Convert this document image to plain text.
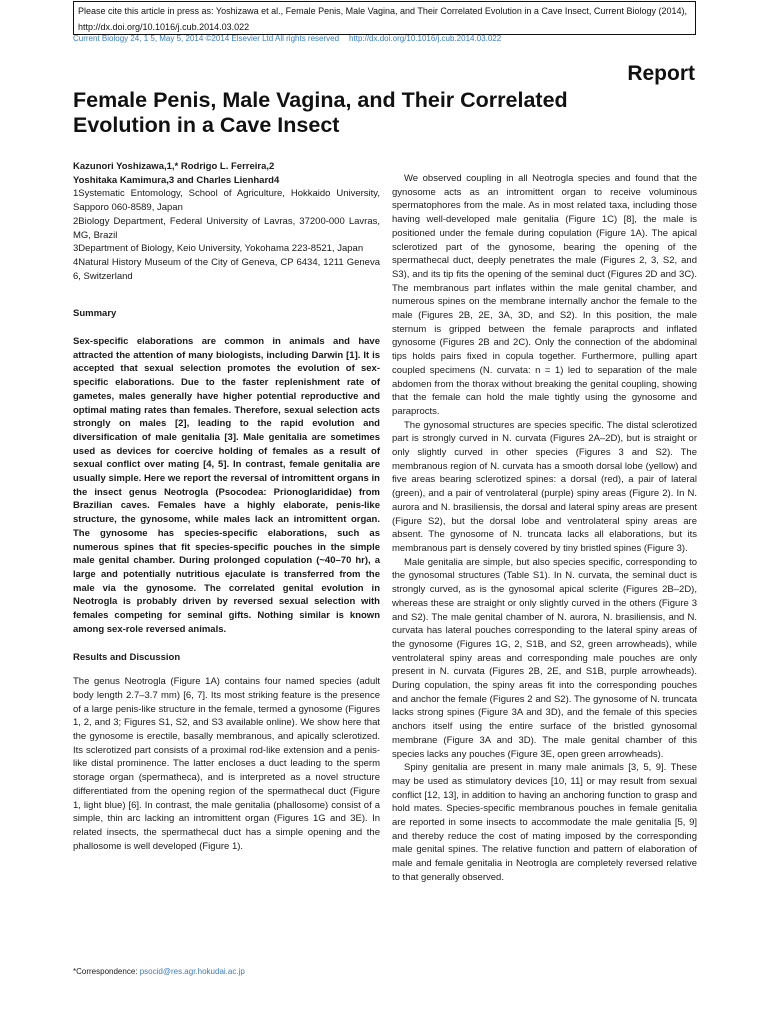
Please cite this article in press as: Yoshizawa et al., Female Penis, Male Vagina, and Their Correlated Evolution in a Cave Insect, Current Biology (2014), http://dx.doi.org/10.1016/j.cub.2014.03.022
Current Biology 24, 1 5, May 5, 2014 ©2014 Elsevier Ltd All rights reserved http://dx.doi.org/10.1016/j.cub.2014.03.022
Report
Female Penis, Male Vagina, and Their Correlated Evolution in a Cave Insect
Kazunori Yoshizawa,1,* Rodrigo L. Ferreira,2
Yoshitaka Kamimura,3 and Charles Lienhard4

1Systematic Entomology, School of Agriculture, Hokkaido University, Sapporo 060-8589, Japan

2Biology Department, Federal University of Lavras, 37200-000 Lavras, MG, Brazil

3Department of Biology, Keio University, Yokohama 223-8521, Japan

4Natural History Museum of the City of Geneva, CP 6434, 1211 Geneva 6, Switzerland

Summary

Sex-specific elaborations are common in animals and have attracted the attention of many biologists, including Darwin [1]. It is accepted that sexual selection promotes the evolution of sex-specific elaborations. Due to the faster replenishment rate of gametes, males generally have higher potential reproductive and optimal mating rates than females. Therefore, sexual selection acts strongly on males [2], leading to the rapid evolution and diversification of male genitalia [3]. Male genitalia are sometimes used as devices for coercive holding of females as a result of sexual conflict over mating [4, 5]. In contrast, female genitalia are usually simple. Here we report the reversal of intromittent organs in the insect genus Neotrogla (Psocodea: Prionoglarididae) from Brazilian caves. Females have a highly elaborate, penis-like structure, the gynosome, while males lack an intromittent organ. The gynosome has species-specific elaborations, such as numerous spines that fit species-specific pouches in the simple male genital chamber. During prolonged copulation (~40–70 hr), a large and potentially nutritious ejaculate is transferred from the male via the gynosome. The correlated genital evolution in Neotrogla is probably driven by reversed sexual selection with females competing for seminal gifts. Nothing similar is known among sex-role reversed animals.

Results and Discussion

The genus Neotrogla (Figure 1A) contains four named species (adult body length 2.7–3.7 mm) [6, 7]. Its most striking feature is the presence of a large penis-like structure in the female, termed a gynosome (Figures 1, 2, and 3; Figures S1, S2, and S3 available online). We show here that the gynosome is erectile, basally membranous, and apically sclerotized. Its sclerotized part consists of a proximal rod-like extension and a penis-like distal prominence. The latter encloses a duct leading to the sperm storage organ (spermatheca), and is interpreted as a novel structure differentiated from the opening region of the spermathecal duct (Figure 1, light blue) [6]. In contrast, the male genitalia (phallosome) consist of a simple, thin arc lacking an intromittent organ (Figures 1G and 3E). In related insects, the spermathecal duct has a simple opening and the phallosome is well developed (Figure 1).

We observed coupling in all Neotrogla species and found that the gynosome acts as an intromittent organ to receive voluminous spermatophores from the male. As in most related taxa, including those having well-developed male genitalia (Figure 1C) [8], the male is positioned under the female during copulation (Figure 1A). The apical sclerotized part of the gynosome, bearing the opening of the spermathecal duct, deeply penetrates the male (Figures 2, 3, S2, and S3), and its tip fits the opening of the seminal duct (Figures 2D and 3C). The membranous part inflates within the male genital chamber, and numerous spines on the membrane internally anchor the female to the male (Figures 2B, 2E, 3A, 3D, and S2). In this position, the male sternum is gripped between the female paraprocts and inflated gynosome (Figures 2B and 2C). Only the connection of the abdominal tips holds pairs fixed in copula together. Furthermore, pulling apart coupled specimens (N. curvata: n = 1) led to separation of the male abdomen from the thorax without breaking the genital coupling, showing that the female can hold the male tightly using the gynosome and paraprocts.

The gynosomal structures are species specific. The distal sclerotized part is strongly curved in N. curvata (Figures 2A–2D), but is straight or only slightly curved in other species (Figures 3 and S2). The membranous region of N. curvata has a smooth dorsal lobe (yellow) and five areas bearing sclerotized spines: a dorsal (red), a pair of lateral (green), and a pair of ventrolateral (purple) spiny areas (Figure 2). In N. aurora and N. brasiliensis, the dorsal and lateral spiny areas are present (Figure S2), but the dorsal lobe and ventrolateral spiny areas are absent. The gynosome of N. truncata lacks all elaborations, but its membranous part is densely covered by tiny bristled spines (Figure 3).

Male genitalia are simple, but also species specific, corresponding to the gynosomal structures (Table S1). In N. curvata, the seminal duct is strongly curved, as is the gynosomal apical sclerite (Figures 2B–2D), whereas these are straight or only slightly curved in the others (Figure 3 and S2). The male genital chamber of N. aurora, N. brasiliensis, and N. curvata has lateral pouches corresponding to the lateral spiny areas of the gynosome (Figures 1G, 2, S1B, and S2, green arrowheads), while ventrolateral spiny areas and corresponding male pouches are only present in N. curvata (Figures 2B, 2E, and S1B, purple arrowheads). During copulation, the spiny areas fit into the corresponding pouches and anchor the female (Figures 2 and S2). The gynosome of N. truncata lacks strong spines (Figure 3A and 3D), and the female of this species anchors itself using the entire surface of the bristled gynosomal membrane (Figure 3A and 3D). The male genital chamber of this species lacks any pouches (Figure 3E, open green arrowheads).

Spiny genitalia are present in many male animals [3, 5, 9]. These may be used as stimulatory devices [10, 11] or may result from sexual conflict [12, 13], in addition to having an anchoring function to grasp and hold mates. Species-specific membranous pouches in female genitalia are reported in some insects to accommodate the male genitalia [5, 9] and thereby reduce the cost of mating imposed by the corresponding male genital spines. The relative function and pattern of elaboration of male and female genitalia in Neotrogla are completely reversed relative to that generally observed.

*Correspondence: psocid@res.agr.hokudai.ac.jp
